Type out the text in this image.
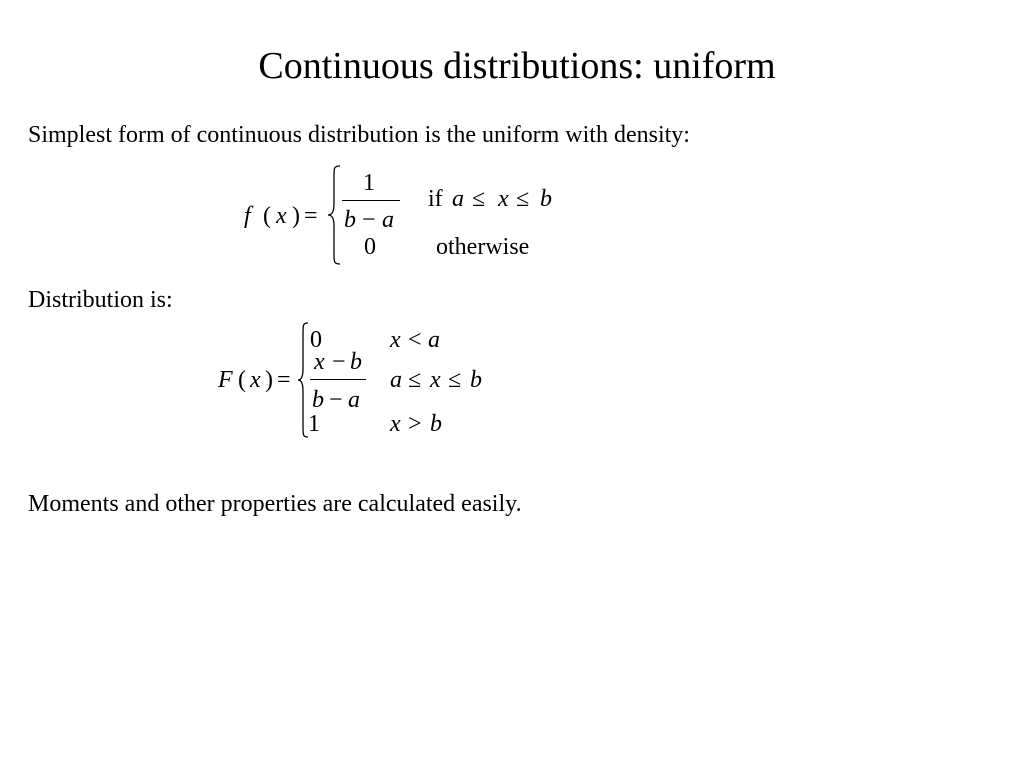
Continuous distributions: uniform
Simplest form of continuous distribution is the uniform with density:
f ( x ) =
1
b − a
if a ≤ x ≤ b
0	otherwise
Distribution is:
F ( x ) =
0	x < a
x − b
b − a
a ≤ x ≤ b
1	x > b
Moments and other properties are calculated easily.
